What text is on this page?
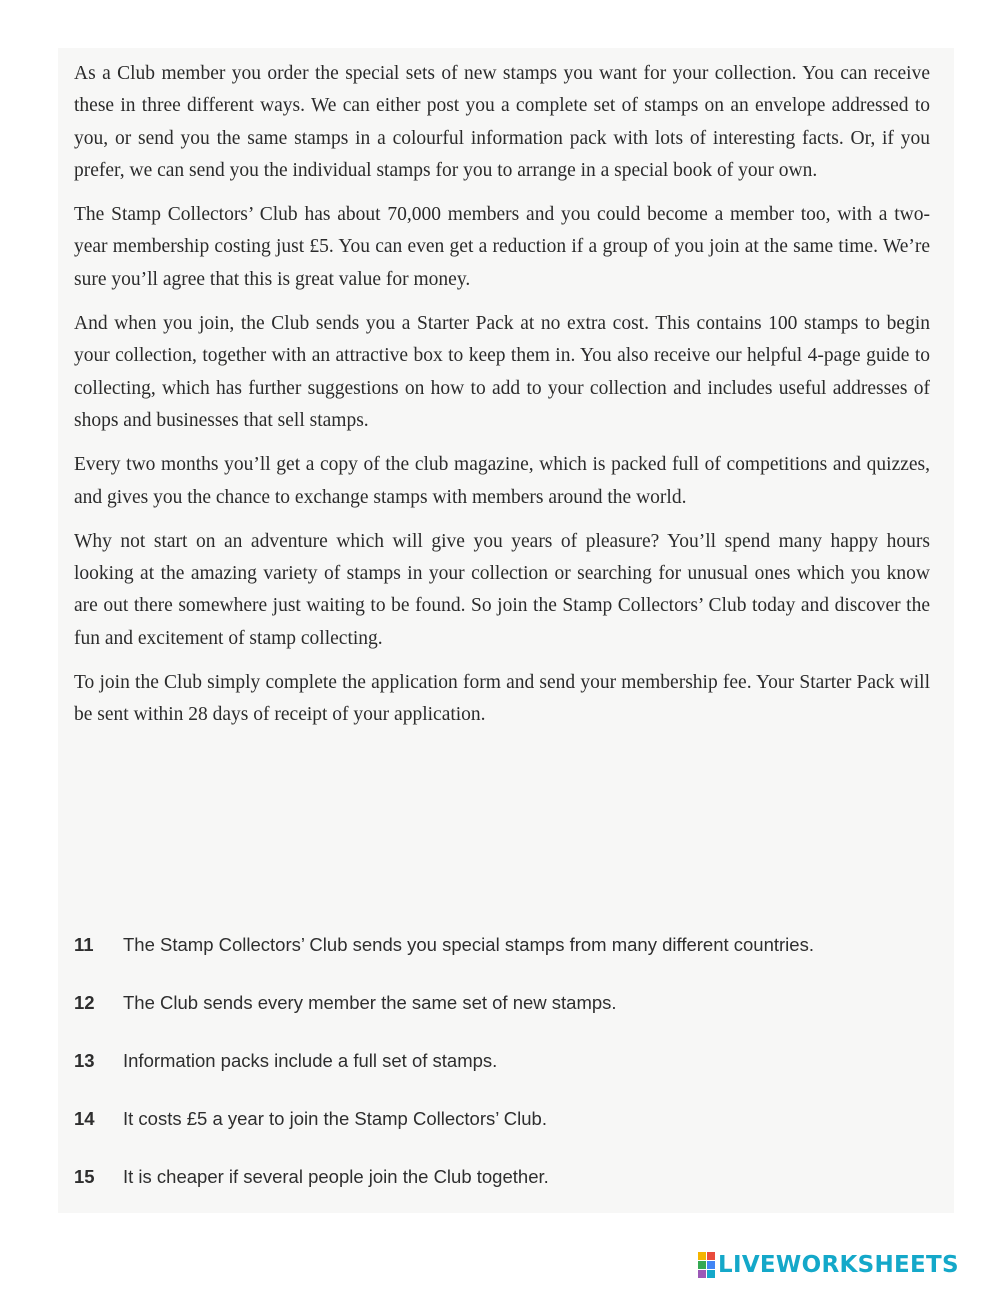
As a Club member you order the special sets of new stamps you want for your collection. You can receive these in three different ways. We can either post you a complete set of stamps on an envelope addressed to you, or send you the same stamps in a colourful information pack with lots of interesting facts. Or, if you prefer, we can send you the individual stamps for you to arrange in a special book of your own.

The Stamp Collectors’ Club has about 70,000 members and you could become a member too, with a two-year membership costing just £5. You can even get a reduction if a group of you join at the same time. We’re sure you’ll agree that this is great value for money.

And when you join, the Club sends you a Starter Pack at no extra cost. This contains 100 stamps to begin your collection, together with an attractive box to keep them in. You also receive our helpful 4-page guide to collecting, which has further suggestions on how to add to your collection and includes useful addresses of shops and businesses that sell stamps.

Every two months you’ll get a copy of the club magazine, which is packed full of competitions and quizzes, and gives you the chance to exchange stamps with members around the world.

Why not start on an adventure which will give you years of pleasure? You’ll spend many happy hours looking at the amazing variety of stamps in your collection or searching for unusual ones which you know are out there somewhere just waiting to be found. So join the Stamp Collectors’ Club today and discover the fun and excitement of stamp collecting.

To join the Club simply complete the application form and send your membership fee. Your Starter Pack will be sent within 28 days of receipt of your application.

11	The Stamp Collectors’ Club sends you special stamps from many different countries.
12	The Club sends every member the same set of new stamps.
13	Information packs include a full set of stamps.
14	It costs £5 a year to join the Stamp Collectors’ Club.
15	It is cheaper if several people join the Club together.
LIVEWORKSHEETS
